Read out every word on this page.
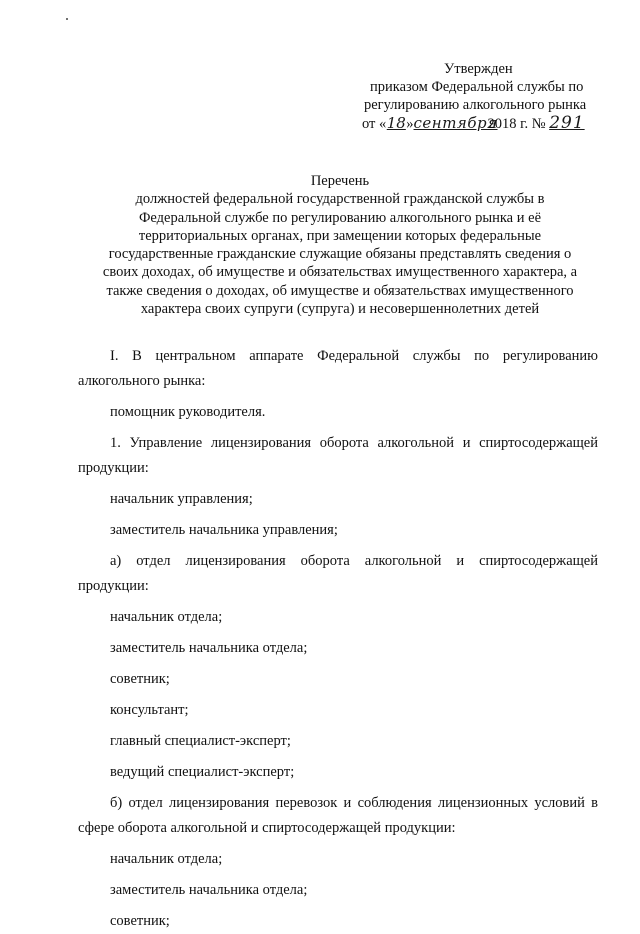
Утвержден
приказом Федеральной службы по
регулированию алкогольного рынка
от «18»сентября2018 г. № 291

Перечень

должностей федеральной государственной гражданской службы в

Федеральной службе по регулированию алкогольного рынка и её

территориальных органах, при замещении которых федеральные

государственные гражданские служащие обязаны представлять сведения о

своих доходах, об имуществе и обязательствах имущественного характера, а

также сведения о доходах, об имуществе и обязательствах имущественного

характера своих супруги (супруга) и несовершеннолетних детей

I. В центральном аппарате Федеральной службы по регулированию алкогольного рынка:

помощник руководителя.

1. Управление лицензирования оборота алкогольной и спиртосодержащей продукции:

начальник управления;

заместитель начальника управления;

а) отдел лицензирования оборота алкогольной и спиртосодержащей продукции:

начальник отдела;

заместитель начальника отдела;

советник;

консультант;

главный специалист-эксперт;

ведущий специалист-эксперт;

б) отдел лицензирования перевозок и соблюдения лицензионных условий в сфере оборота алкогольной и спиртосодержащей продукции:

начальник отдела;

заместитель начальника отдела;

советник;
